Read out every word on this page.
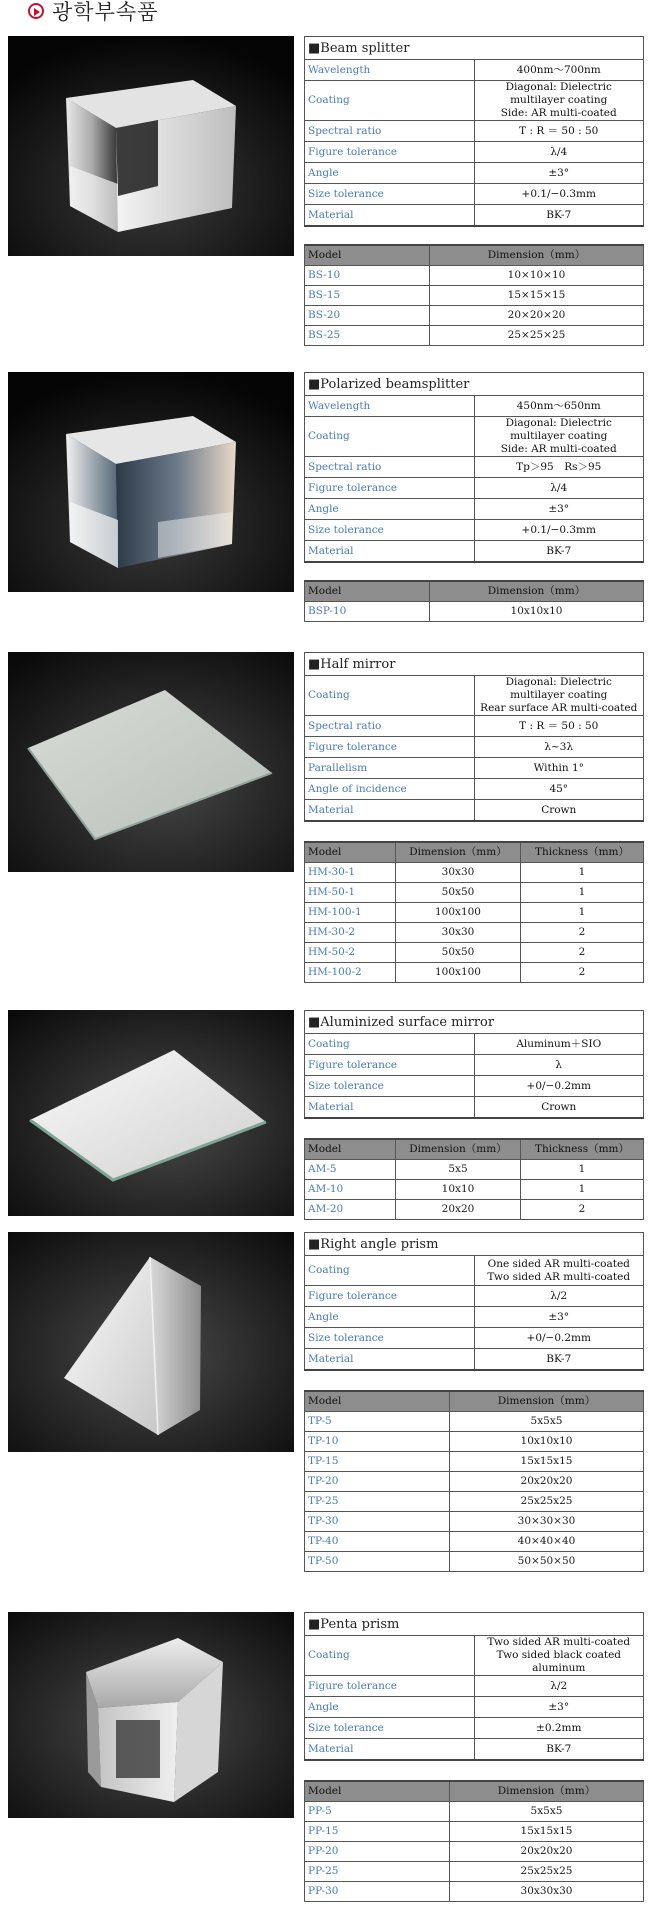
광학부속품
■Beam splitter	
Wavelength	400nm～700nm
Coating	Diagonal: Dielectric multilayer coating
Side: AR multi-coated

Spectral ratio	T : R ＝ 50 : 50
Figure tolerance	λ/4
Angle	±3°
Size tolerance	+0.1/−0.3mm
Material	BK-7
Model	Dimension（mm）
BS-10	10×10×10
BS-15	15×15×15
BS-20	20×20×20
BS-25	25×25×25
■Polarized beamsplitter	
Wavelength	450nm～650nm
Coating	Diagonal: Dielectric multilayer coating
Side: AR multi-coated

Spectral ratio	Tp＞95　Rs＞95
Figure tolerance	λ/4
Angle	±3°
Size tolerance	+0.1/−0.3mm
Material	BK-7
Model	Dimension（mm）
BSP-10	10x10x10
■Half mirror	
Coating	Diagonal: Dielectric multilayer coating
Rear surface AR multi-coated

Spectral ratio	T : R ＝ 50 : 50
Figure tolerance	λ~3λ
Parallelism	Within 1°
Angle of incidence	45°
Material	Crown
Model	Dimension（mm）	Thickness（mm）
HM-30-1	30x30	1
HM-50-1	50x50	1
HM-100-1	100x100	1
HM-30-2	30x30	2
HM-50-2	50x50	2
HM-100-2	100x100	2
■Aluminized surface mirror	
Coating	Aluminum＋SIO
Figure tolerance	λ
Size tolerance	+0/−0.2mm
Material	Crown
Model	Dimension（mm）	Thickness（mm）
AM-5	5x5	1
AM-10	10x10	1
AM-20	20x20	2
■Right angle prism	
Coating	One sided AR multi-coated
Two sided AR multi-coated

Figure tolerance	λ/2
Angle	±3°
Size tolerance	+0/−0.2mm
Material	BK-7
Model	Dimension（mm）
TP-5	5x5x5
TP-10	10x10x10
TP-15	15x15x15
TP-20	20x20x20
TP-25	25x25x25
TP-30	30×30×30
TP-40	40×40×40
TP-50	50×50×50
■Penta prism	
Coating	Two sided AR multi-coated
Two sided black coated aluminum

Figure tolerance	λ/2
Angle	±3°
Size tolerance	±0.2mm
Material	BK-7
Model	Dimension（mm）
PP-5	5x5x5
PP-15	15x15x15
PP-20	20x20x20
PP-25	25x25x25
PP-30	30x30x30
